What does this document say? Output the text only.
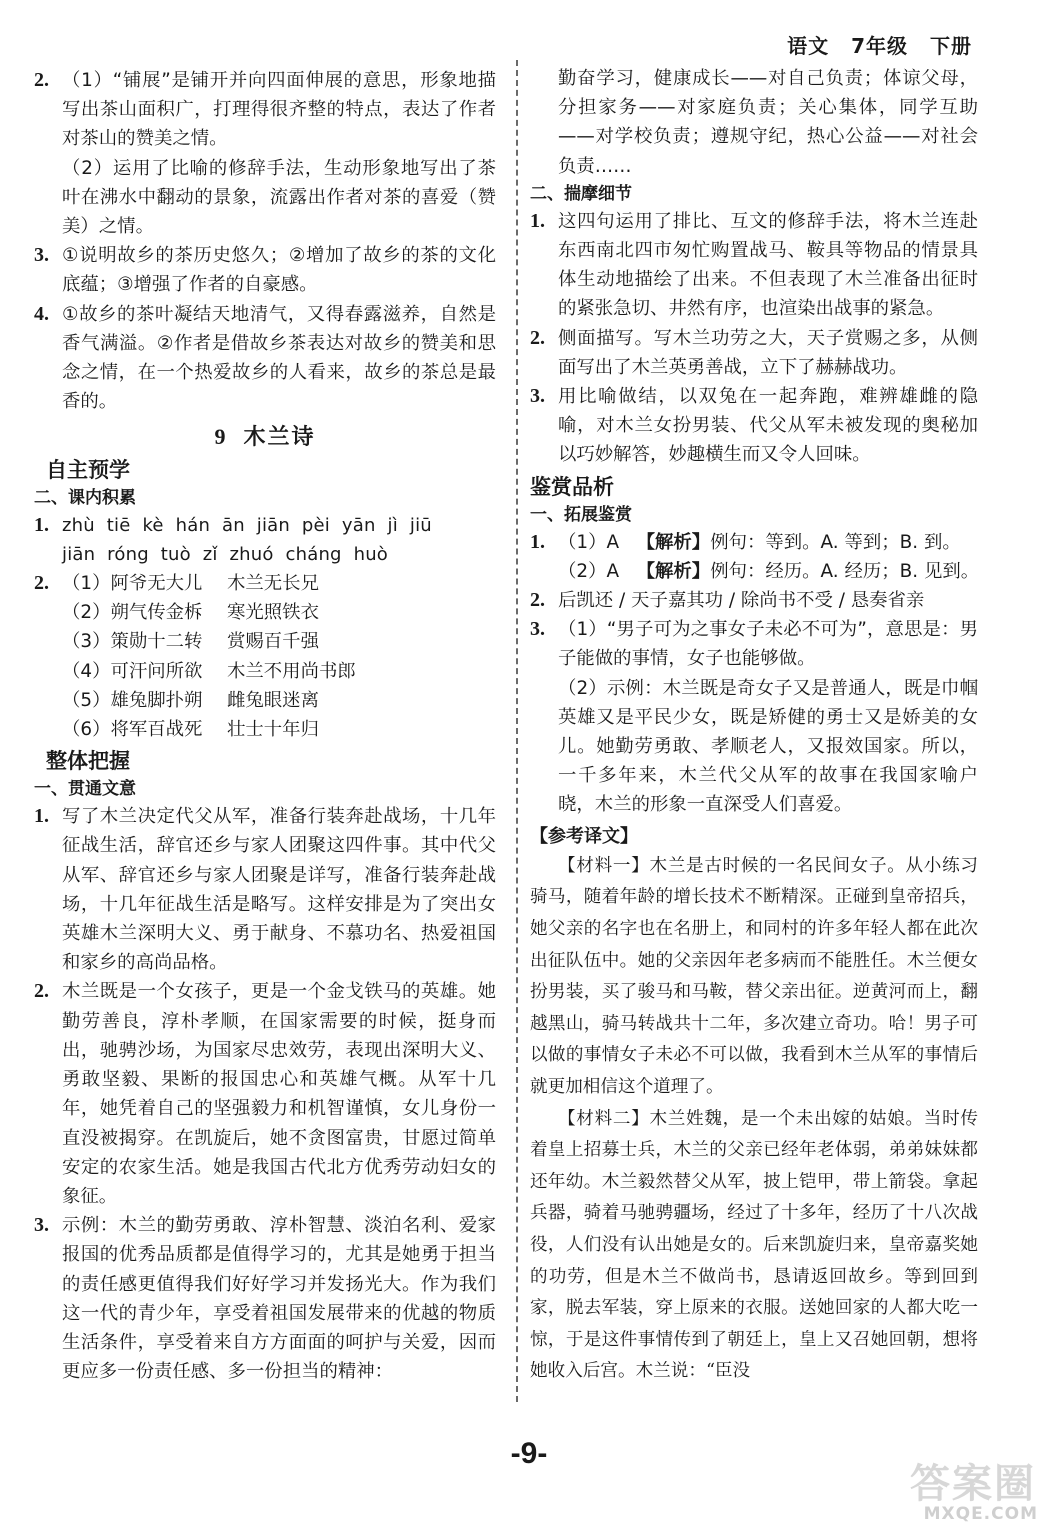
语文 7年级 下册
2. （1）“铺展”是铺开并向四面伸展的意思，形象地描写出茶山面积广，打理得很齐整的特点，表达了作者对茶山的赞美之情。
（2）运用了比喻的修辞手法，生动形象地写出了茶叶在沸水中翻动的景象，流露出作者对茶的喜爱（赞美）之情。
3. ①说明故乡的茶历史悠久；②增加了故乡的茶的文化底蕴；③增强了作者的自豪感。
4. ①故乡的茶叶凝结天地清气，又得春露滋养，自然是香气满溢。②作者是借故乡茶表达对故乡的赞美和思念之情，在一个热爱故乡的人看来，故乡的茶总是最香的。
9 木兰诗
自主预学
二、课内积累
1. zhù tiē kè hán ān jiān pèi yān jì jiū
jiān róng tuò zǐ zhuó cháng huò
2. （1）阿爷无大儿 木兰无长兄
（2）朔气传金柝 寒光照铁衣
（3）策勋十二转 赏赐百千强
（4）可汗问所欲 木兰不用尚书郎
（5）雄兔脚扑朔 雌兔眼迷离
（6）将军百战死 壮士十年归
整体把握
一、贯通文意
1. 写了木兰决定代父从军，准备行装奔赴战场，十几年征战生活，辞官还乡与家人团聚这四件事。其中代父从军、辞官还乡与家人团聚是详写，准备行装奔赴战场，十几年征战生活是略写。这样安排是为了突出女英雄木兰深明大义、勇于献身、不慕功名、热爱祖国和家乡的高尚品格。
2. 木兰既是一个女孩子，更是一个金戈铁马的英雄。她勤劳善良，淳朴孝顺，在国家需要的时候，挺身而出，驰骋沙场，为国家尽忠效劳，表现出深明大义、勇敢坚毅、果断的报国忠心和英雄气概。从军十几年，她凭着自己的坚强毅力和机智谨慎，女儿身份一直没被揭穿。在凯旋后，她不贪图富贵，甘愿过简单安定的农家生活。她是我国古代北方优秀劳动妇女的象征。
3. 示例：木兰的勤劳勇敢、淳朴智慧、淡泊名利、爱家报国的优秀品质都是值得学习的，尤其是她勇于担当的责任感更值得我们好好学习并发扬光大。作为我们这一代的青少年，享受着祖国发展带来的优越的物质生活条件，享受着来自方方面面的呵护与关爱，因而更应多一份责任感、多一份担当的精神：

勤奋学习，健康成长——对自己负责；体谅父母，分担家务——对家庭负责；关心集体，同学互助——对学校负责；遵规守纪，热心公益——对社会负责……

二、揣摩细节
1. 这四句运用了排比、互文的修辞手法，将木兰连赴东西南北四市匆忙购置战马、鞍具等物品的情景具体生动地描绘了出来。不但表现了木兰准备出征时的紧张急切、井然有序，也渲染出战事的紧急。
2. 侧面描写。写木兰功劳之大，天子赏赐之多，从侧面写出了木兰英勇善战，立下了赫赫战功。
3. 用比喻做结，以双兔在一起奔跑，难辨雄雌的隐喻，对木兰女扮男装、代父从军未被发现的奥秘加以巧妙解答，妙趣横生而又令人回味。
鉴赏品析
一、拓展鉴赏
1. （1）A 【解析】例句：等到。A. 等到；B. 到。
（2）A 【解析】例句：经历。A. 经历；B. 见到。
2. 后凯还 / 天子嘉其功 / 除尚书不受 / 恳奏省亲
3. （1）“男子可为之事女子未必不可为”，意思是：男子能做的事情，女子也能够做。
（2）示例：木兰既是奇女子又是普通人，既是巾帼英雄又是平民少女，既是矫健的勇士又是娇美的女儿。她勤劳勇敢、孝顺老人，又报效国家。所以，一千多年来，木兰代父从军的故事在我国家喻户晓，木兰的形象一直深受人们喜爱。
【参考译文】

【材料一】木兰是古时候的一名民间女子。从小练习骑马，随着年龄的增长技术不断精深。正碰到皇帝招兵，她父亲的名字也在名册上，和同村的许多年轻人都在此次出征队伍中。她的父亲因年老多病而不能胜任。木兰便女扮男装，买了骏马和马鞍，替父亲出征。逆黄河而上，翻越黑山，骑马转战共十二年，多次建立奇功。哈！男子可以做的事情女子未必不可以做，我看到木兰从军的事情后就更加相信这个道理了。

【材料二】木兰姓魏，是一个未出嫁的姑娘。当时传着皇上招募士兵，木兰的父亲已经年老体弱，弟弟妹妹都还年幼。木兰毅然替父从军，披上铠甲，带上箭袋。拿起兵器，骑着马驰骋疆场，经过了十多年，经历了十八次战役，人们没有认出她是女的。后来凯旋归来，皇帝嘉奖她的功劳，但是木兰不做尚书，恳请返回故乡。等到回到家，脱去军装，穿上原来的衣服。送她回家的人都大吃一惊，于是这件事情传到了朝廷上，皇上又召她回朝，想将她收入后宫。木兰说：“臣没

-9-
答案圈
MXQE.COM
